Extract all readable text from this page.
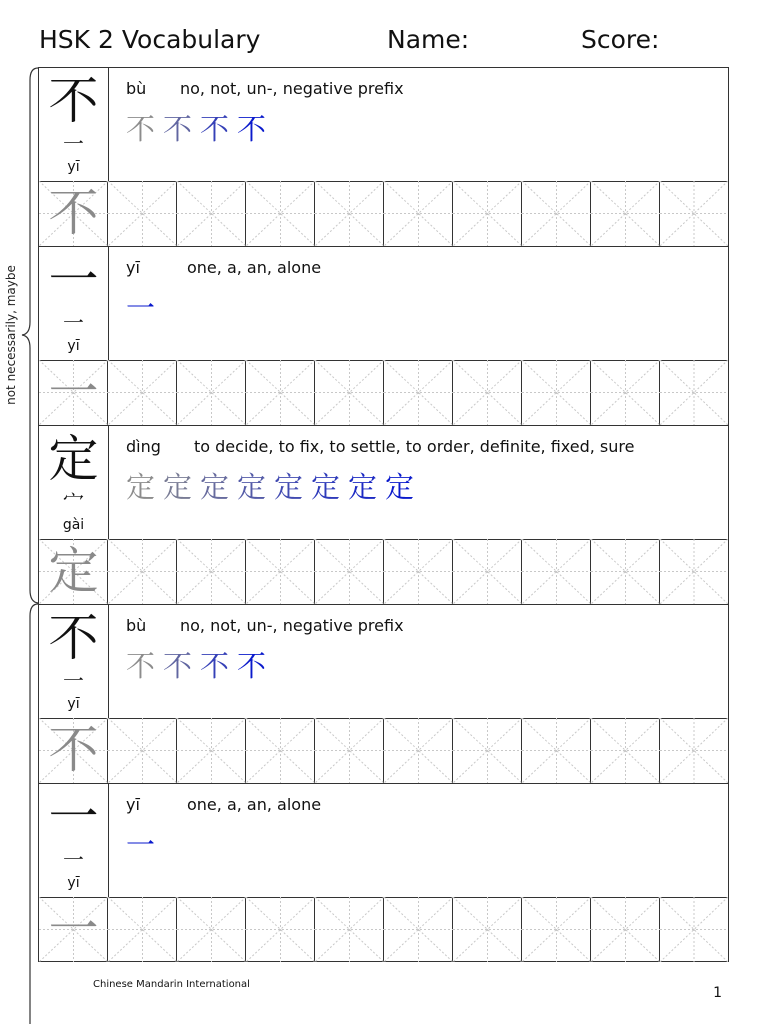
HSK 2 Vocabulary	Name:	Score:
not necessarily, maybe
不
一
yī
bù no, not, un-, negative prefix
不 不 不 不
不
一
一
yī
yī	one, a, an, alone
一
一
定
宀
gài
dìng to decide, to fix, to settle, to order, definite, fixed, sure
定 定 定 定 定 定 定 定
定
不
一
yī
bù no, not, un-, negative prefix
不 不 不 不
不
一
一
yī
yī	one, a, an, alone
一
一
Chinese Mandarin International
1
